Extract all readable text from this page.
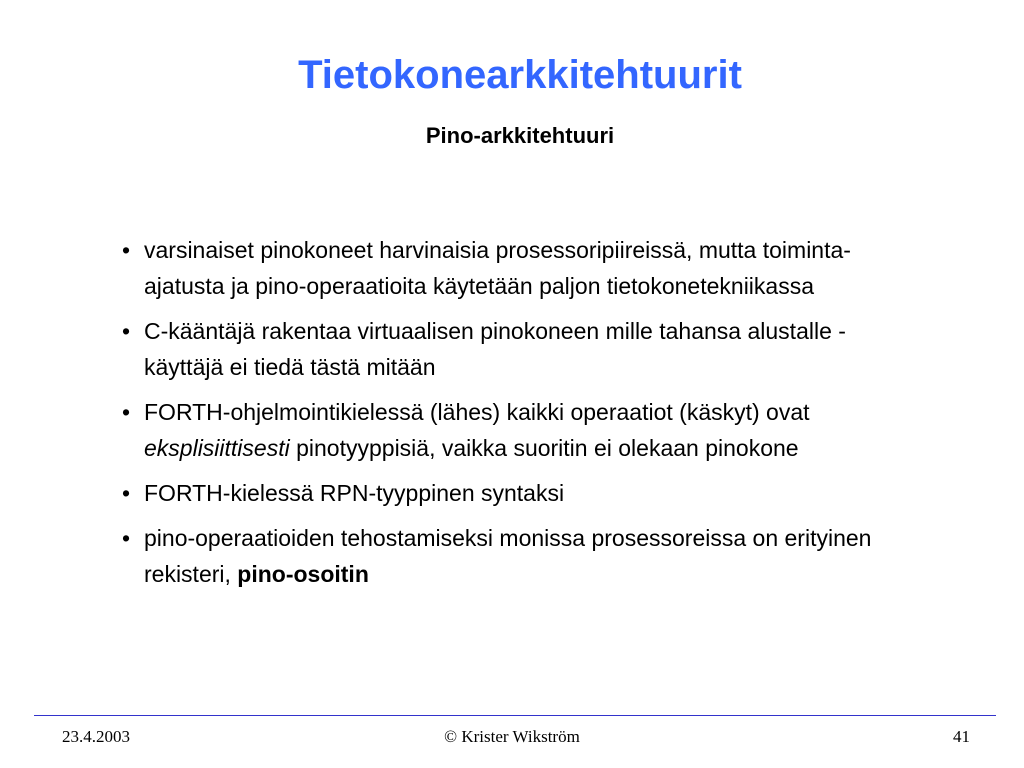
Tietokonearkkitehtuurit
Pino-arkkitehtuuri
• varsinaiset pinokoneet harvinaisia prosessoripiireissä, mutta toiminta-ajatusta ja pino-operaatioita käytetään paljon tietokonetekniikassa
• C-kääntäjä rakentaa virtuaalisen pinokoneen mille tahansa alustalle - käyttäjä ei tiedä tästä mitään
• FORTH-ohjelmointikielessä (lähes) kaikki operaatiot (käskyt) ovat eksplisiittisesti pinotyyppisiä, vaikka suoritin ei olekaan pinokone
• FORTH-kielessä RPN-tyyppinen syntaksi
• pino-operaatioiden tehostamiseksi monissa prosessoreissa on erityinen rekisteri, pino-osoitin
23.4.2003	© Krister Wikström	41
